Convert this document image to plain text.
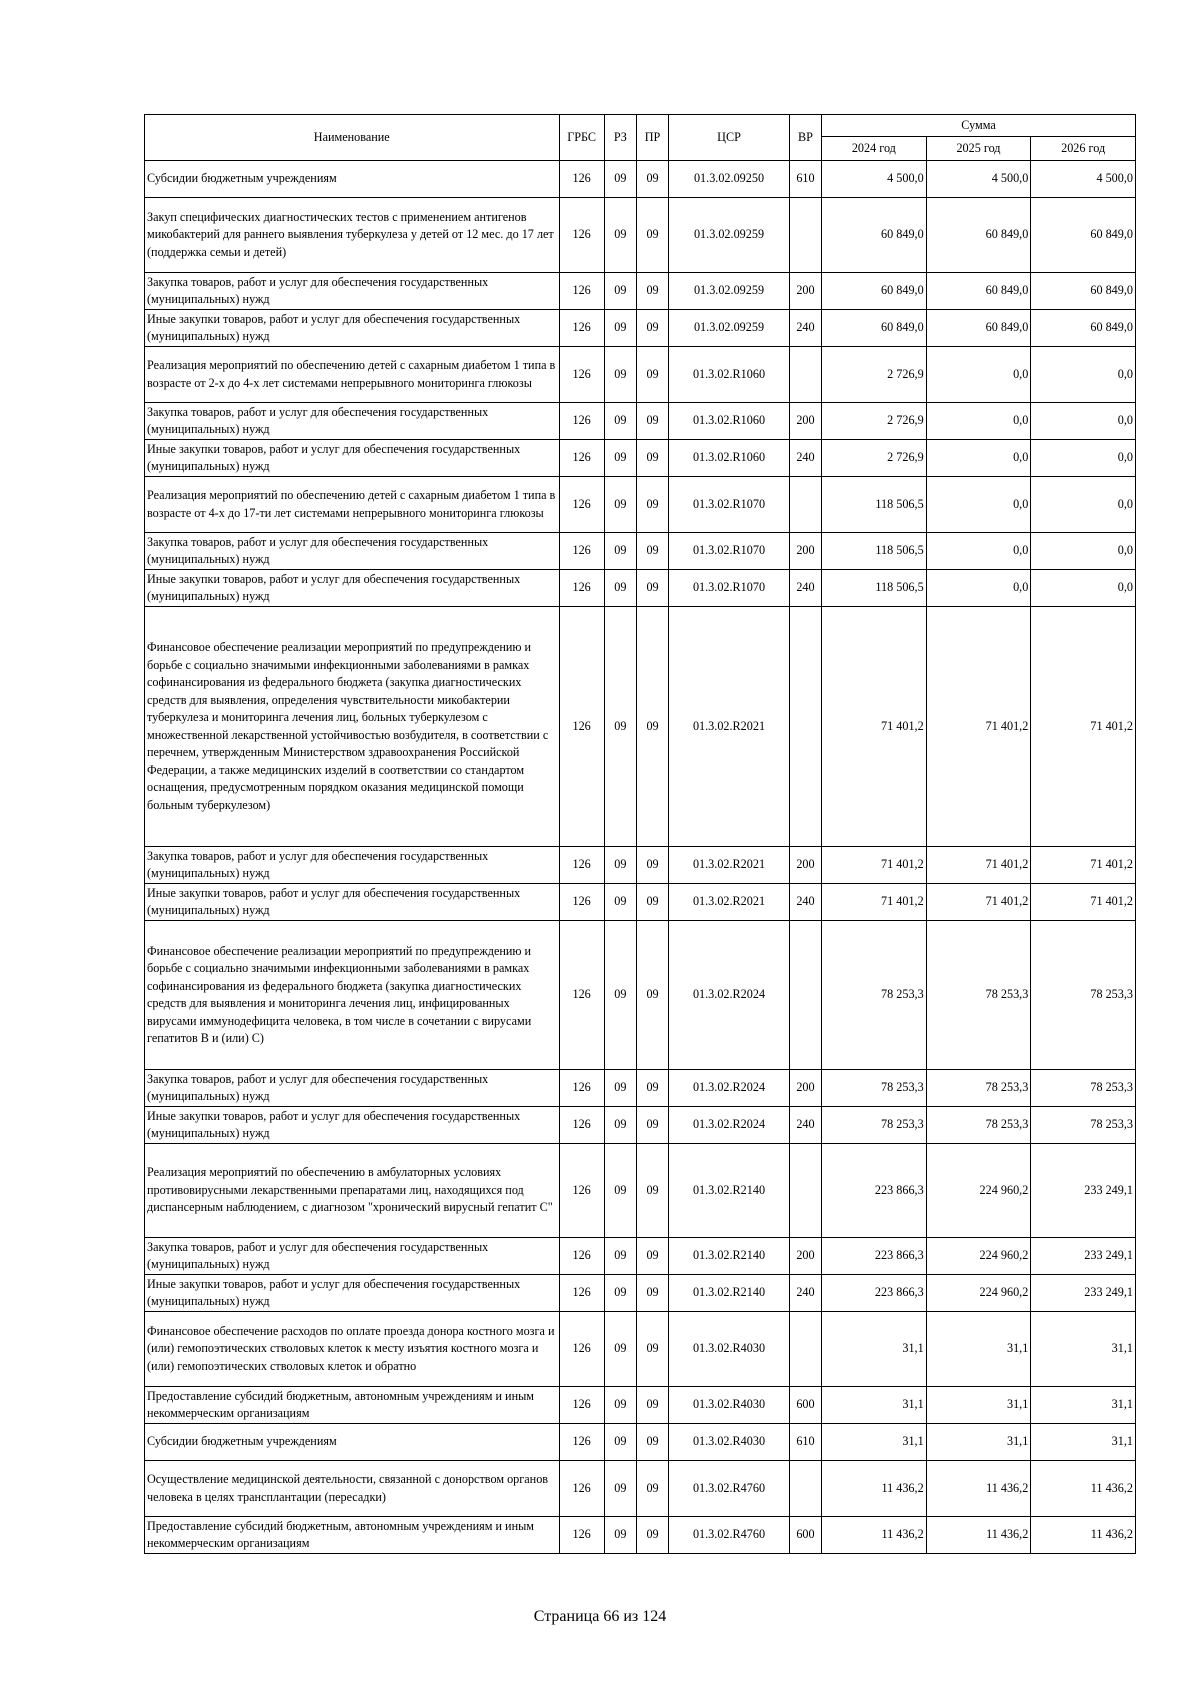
Наименование	ГРБС	РЗ	ПР	ЦСР	ВР	Сумма		
						2024 год	2025 год	2026 год
Субсидии бюджетным учреждениям	126	09	09	01.3.02.09250	610	4 500,0	4 500,0	4 500,0
Закуп специфических диагностических тестов с применением антигенов микобактерий для раннего выявления туберкулеза у детей от 12 мес. до 17 лет (поддержка семьи и детей)	126	09	09	01.3.02.09259		60 849,0	60 849,0	60 849,0
Закупка товаров, работ и услуг для обеспечения государственных (муниципальных) нужд	126	09	09	01.3.02.09259	200	60 849,0	60 849,0	60 849,0
Иные закупки товаров, работ и услуг для обеспечения государственных (муниципальных) нужд	126	09	09	01.3.02.09259	240	60 849,0	60 849,0	60 849,0
Реализация мероприятий по обеспечению детей с сахарным диабетом 1 типа в возрасте от 2-х до 4-х лет системами непрерывного мониторинга глюкозы	126	09	09	01.3.02.R1060		2 726,9	0,0	0,0
Закупка товаров, работ и услуг для обеспечения государственных (муниципальных) нужд	126	09	09	01.3.02.R1060	200	2 726,9	0,0	0,0
Иные закупки товаров, работ и услуг для обеспечения государственных (муниципальных) нужд	126	09	09	01.3.02.R1060	240	2 726,9	0,0	0,0
Реализация мероприятий по обеспечению детей с сахарным диабетом 1 типа в возрасте от 4-х до 17-ти лет системами непрерывного мониторинга глюкозы	126	09	09	01.3.02.R1070		118 506,5	0,0	0,0
Закупка товаров, работ и услуг для обеспечения государственных (муниципальных) нужд	126	09	09	01.3.02.R1070	200	118 506,5	0,0	0,0
Иные закупки товаров, работ и услуг для обеспечения государственных (муниципальных) нужд	126	09	09	01.3.02.R1070	240	118 506,5	0,0	0,0
Финансовое обеспечение реализации мероприятий по предупреждению и борьбе с социально значимыми инфекционными заболеваниями в рамках софинансирования из федерального бюджета (закупка диагностических средств для выявления, определения чувствительности микобактерии туберкулеза и мониторинга лечения лиц, больных туберкулезом с множественной лекарственной устойчивостью возбудителя, в соответствии с перечнем, утвержденным Министерством здравоохранения Российской Федерации, а также медицинских изделий в соответствии со стандартом оснащения, предусмотренным порядком оказания медицинской помощи больным туберкулезом)	126	09	09	01.3.02.R2021		71 401,2	71 401,2	71 401,2
Закупка товаров, работ и услуг для обеспечения государственных (муниципальных) нужд	126	09	09	01.3.02.R2021	200	71 401,2	71 401,2	71 401,2
Иные закупки товаров, работ и услуг для обеспечения государственных (муниципальных) нужд	126	09	09	01.3.02.R2021	240	71 401,2	71 401,2	71 401,2
Финансовое обеспечение реализации мероприятий по предупреждению и борьбе с социально значимыми инфекционными заболеваниями в рамках софинансирования из федерального бюджета (закупка диагностических средств для выявления и мониторинга лечения лиц, инфицированных вирусами иммунодефицита человека, в том числе в сочетании с вирусами гепатитов B и (или) C)	126	09	09	01.3.02.R2024		78 253,3	78 253,3	78 253,3
Закупка товаров, работ и услуг для обеспечения государственных (муниципальных) нужд	126	09	09	01.3.02.R2024	200	78 253,3	78 253,3	78 253,3
Иные закупки товаров, работ и услуг для обеспечения государственных (муниципальных) нужд	126	09	09	01.3.02.R2024	240	78 253,3	78 253,3	78 253,3
Реализация мероприятий по обеспечению в амбулаторных условиях противовирусными лекарственными препаратами лиц, находящихся под диспансерным наблюдением, с диагнозом "хронический вирусный гепатит C"	126	09	09	01.3.02.R2140		223 866,3	224 960,2	233 249,1
Закупка товаров, работ и услуг для обеспечения государственных (муниципальных) нужд	126	09	09	01.3.02.R2140	200	223 866,3	224 960,2	233 249,1
Иные закупки товаров, работ и услуг для обеспечения государственных (муниципальных) нужд	126	09	09	01.3.02.R2140	240	223 866,3	224 960,2	233 249,1
Финансовое обеспечение расходов по оплате проезда донора костного мозга и (или) гемопоэтических стволовых клеток к месту изъятия костного мозга и (или) гемопоэтических стволовых клеток и обратно	126	09	09	01.3.02.R4030		31,1	31,1	31,1
Предоставление субсидий бюджетным, автономным учреждениям и иным некоммерческим организациям	126	09	09	01.3.02.R4030	600	31,1	31,1	31,1
Субсидии бюджетным учреждениям	126	09	09	01.3.02.R4030	610	31,1	31,1	31,1
Осуществление медицинской деятельности, связанной с донорством органов человека в целях трансплантации (пересадки)	126	09	09	01.3.02.R4760		11 436,2	11 436,2	11 436,2
Предоставление субсидий бюджетным, автономным учреждениям и иным некоммерческим организациям	126	09	09	01.3.02.R4760	600	11 436,2	11 436,2	11 436,2
Страница 66 из 124
